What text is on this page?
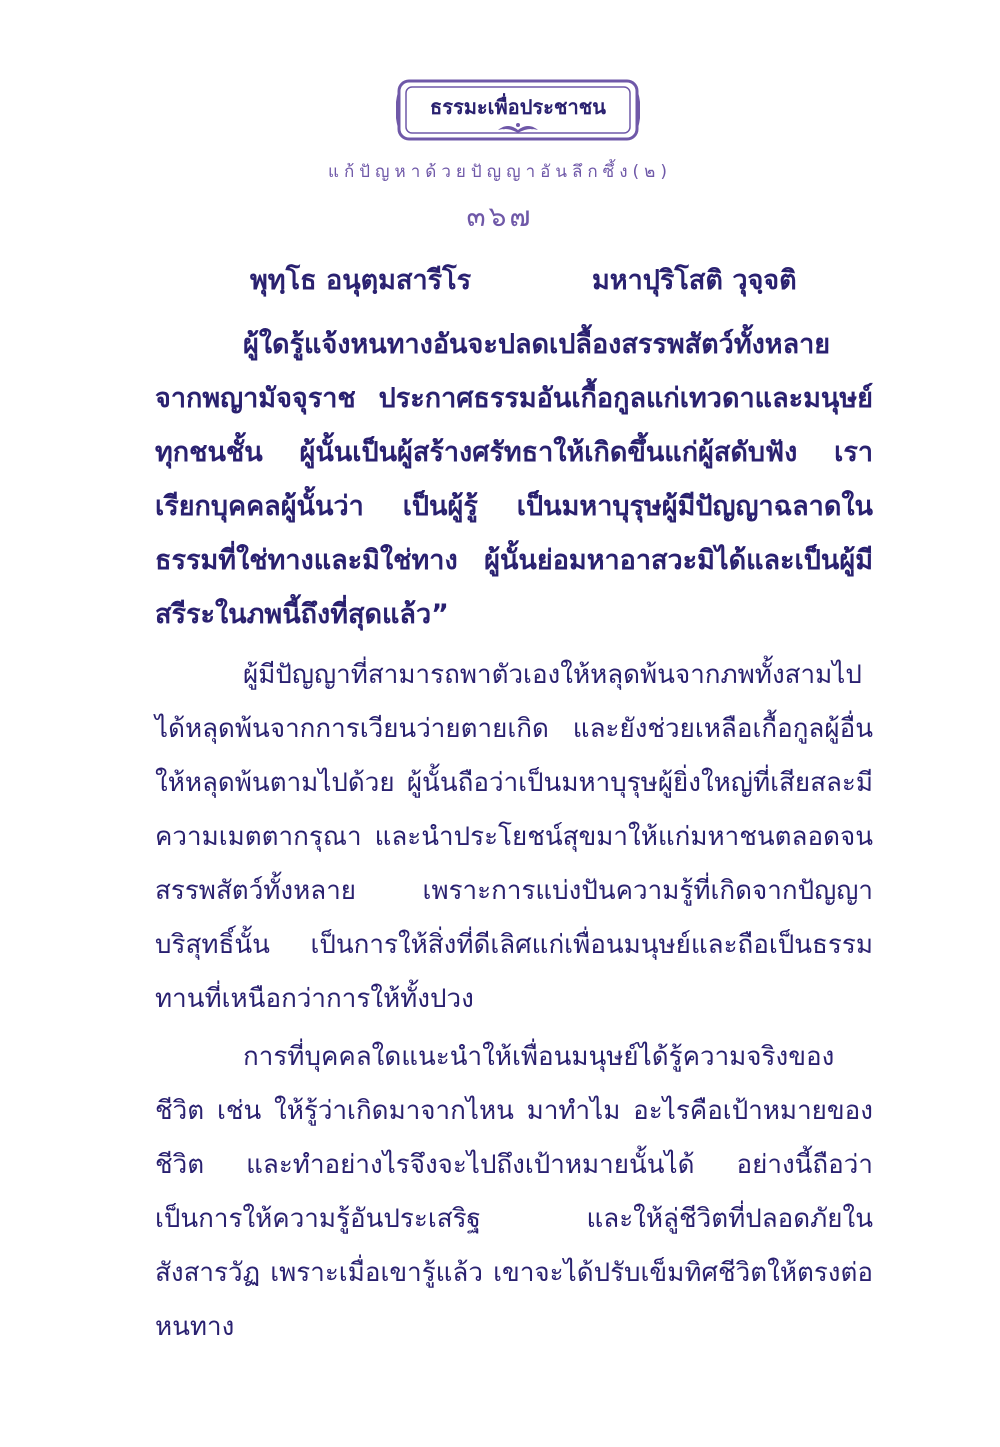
ธรรมะเพื่อประชาชน
แก้ปัญหาด้วยปัญญาอันลึกซึ้ง(๒)
๓๖๗
พุทฺโธ อนุตฺมสารีโร	มหาปุริโสติ วุจฺจติ
ผู้ใดรู้แจ้งหนทางอันจะปลดเปลื้องสรรพสัตว์ทั้งหลายจากพญามัจจุราช ประกาศธรรมอันเกื้อกูลแก่เทวดาและมนุษย์ทุกชนชั้น ผู้นั้นเป็นผู้สร้างศรัทธาให้เกิดขึ้นแก่ผู้สดับฟัง เราเรียกบุคคลผู้นั้นว่า เป็นผู้รู้ เป็นมหาบุรุษผู้มีปัญญาฉลาดในธรรมที่ใช่ทางและมิใช่ทาง ผู้นั้นย่อมหาอาสวะมิได้และเป็นผู้มีสรีระในภพนี้ถึงที่สุดแล้ว”
ผู้มีปัญญาที่สามารถพาตัวเองให้หลุดพ้นจากภพทั้งสามไปได้หลุดพ้นจากการเวียนว่ายตายเกิด และยังช่วยเหลือเกื้อกูลผู้อื่นให้หลุดพ้นตามไปด้วย ผู้นั้นถือว่าเป็นมหาบุรุษผู้ยิ่งใหญ่ที่เสียสละมีความเมตตากรุณา และนำประโยชน์สุขมาให้แก่มหาชนตลอดจนสรรพสัตว์ทั้งหลาย เพราะการแบ่งปันความรู้ที่เกิดจากปัญญาบริสุทธิ์นั้น เป็นการให้สิ่งที่ดีเลิศแก่เพื่อนมนุษย์และถือเป็นธรรมทานที่เหนือกว่าการให้ทั้งปวง
การที่บุคคลใดแนะนำให้เพื่อนมนุษย์ได้รู้ความจริงของชีวิต เช่น ให้รู้ว่าเกิดมาจากไหน มาทำไม อะไรคือเป้าหมายของชีวิต และทำอย่างไรจึงจะไปถึงเป้าหมายนั้นได้ อย่างนี้ถือว่าเป็นการให้ความรู้อันประเสริฐ และให้ลู่ชีวิตที่ปลอดภัยในสังสารวัฏ เพราะเมื่อเขารู้แล้ว เขาจะได้ปรับเข็มทิศชีวิตให้ตรงต่อหนทาง
